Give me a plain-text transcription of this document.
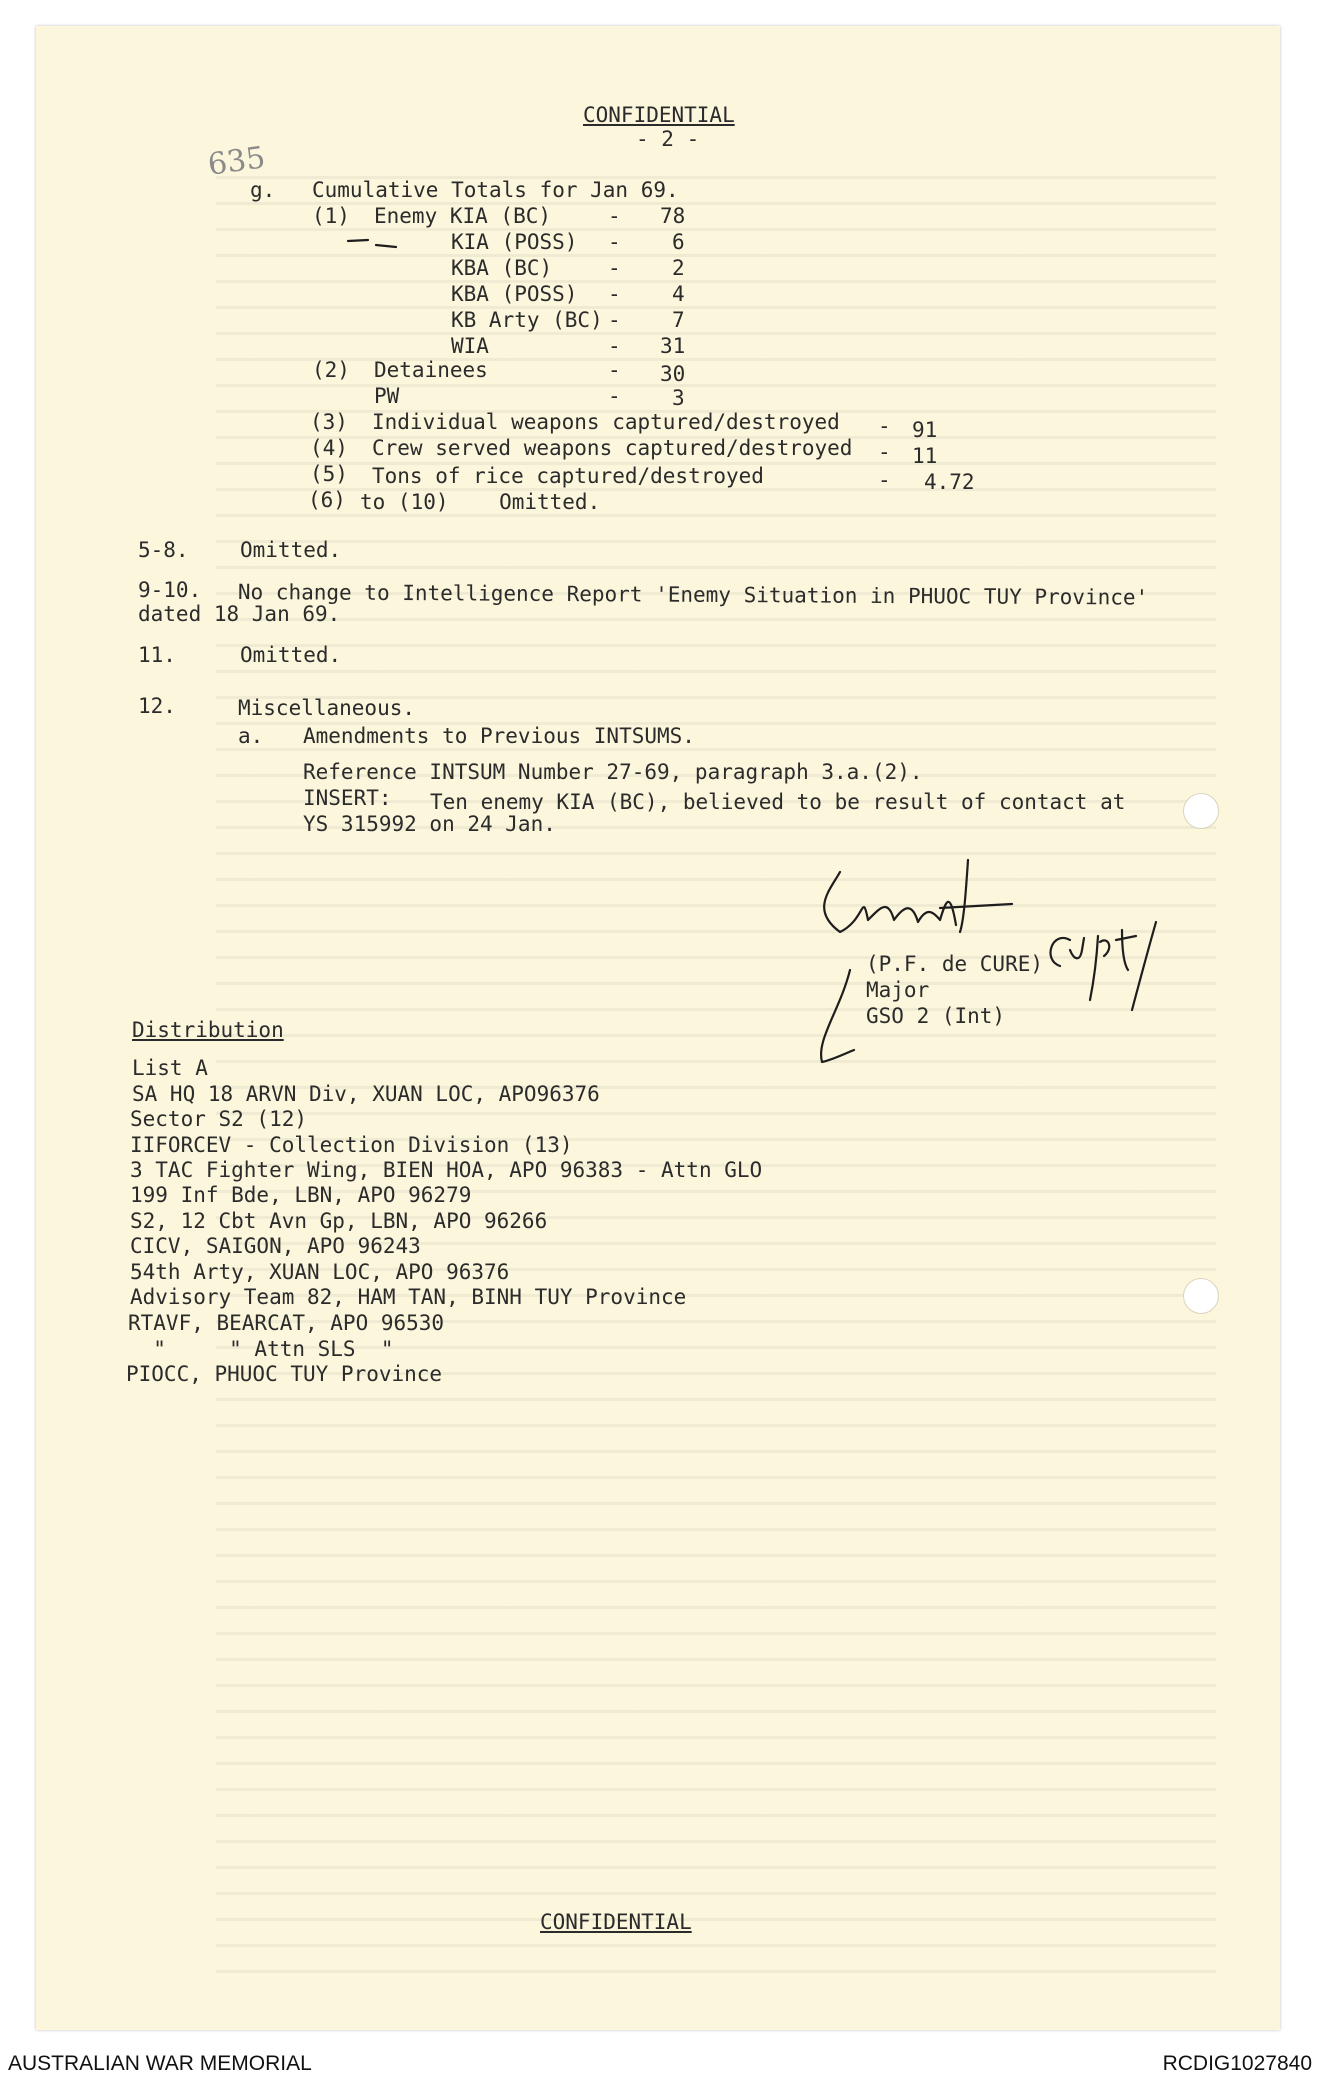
CONFIDENTIAL
- 2 -
635
g. Cumulative Totals for Jan 69.
(1) Enemy KIA (BC)	- 78
KIA (POSS) - 6
KBA (BC)	- 2
KBA (POSS) - 4
KB Arty (BC) - 7
WIA	- 31
(2) Detainees	- 30
PW	- 3
(3) Individual weapons captured/destroyed - 91
(4) Crew served weapons captured/destroyed - 11
(5) Tons of rice captured/destroyed	- 4.72
(6) to (10)    Omitted.
5-8. Omitted.
9-10. No change to Intelligence Report 'Enemy Situation in PHUOC TUY Province'
dated 18 Jan 69.
11.	Omitted.
12.	Miscellaneous.
a. Amendments to Previous INTSUMS.
Reference INTSUM Number 27-69, paragraph 3.a.(2).
INSERT: Ten enemy KIA (BC), believed to be result of contact at
YS 315992 on 24 Jan.
(P.F. de CURE)
Major
GSO 2 (Int)
Distribution
List A
SA HQ 18 ARVN Div, XUAN LOC, APO96376
Sector S2 (12)
IIFORCEV - Collection Division (13)
3 TAC Fighter Wing, BIEN HOA, APO 96383 - Attn GLO
199 Inf Bde, LBN, APO 96279
S2, 12 Cbt Avn Gp, LBN, APO 96266
CICV, SAIGON, APO 96243
54th Arty, XUAN LOC, APO 96376
Advisory Team 82, HAM TAN, BINH TUY Province
RTAVF, BEARCAT, APO 96530
"     " Attn SLS  "
PIOCC, PHUOC TUY Province
CONFIDENTIAL
AUSTRALIAN WAR MEMORIAL	RCDIG1027840
